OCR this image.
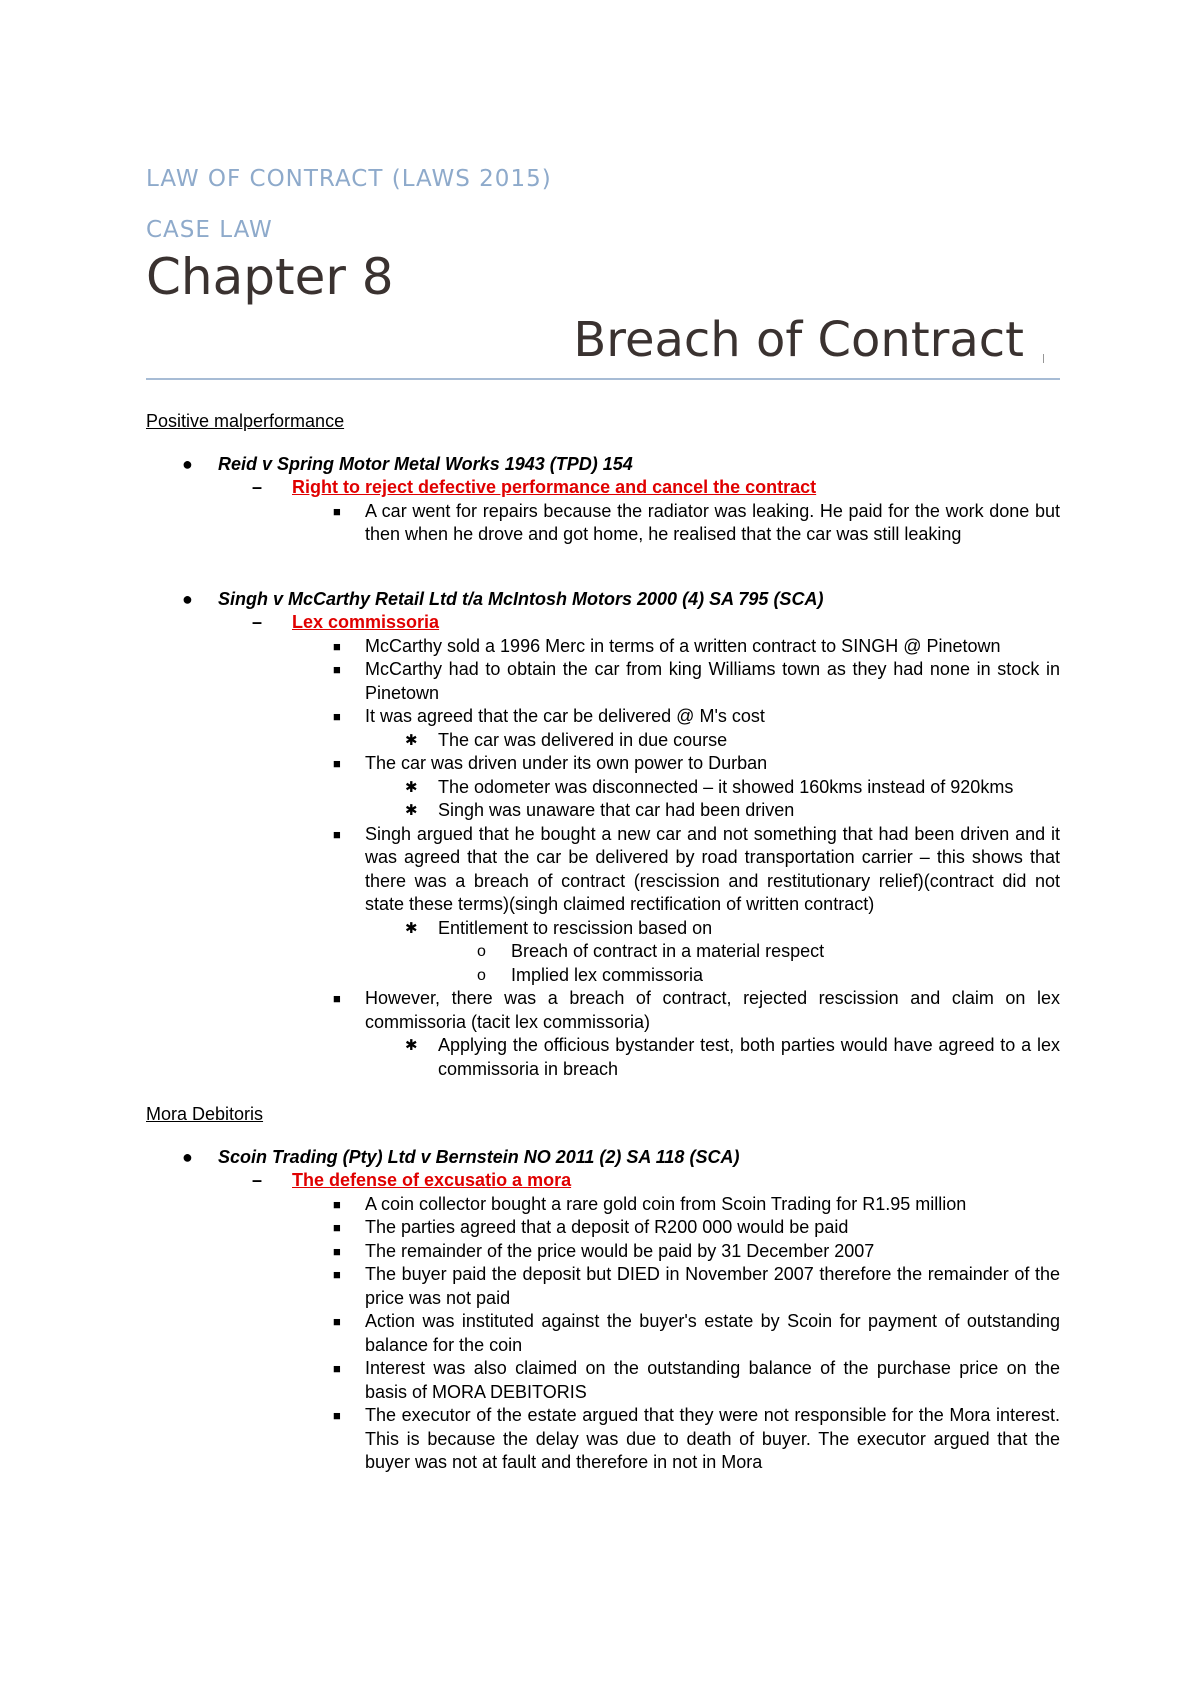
LAW OF CONTRACT (LAWS 2015)
CASE LAW
Chapter 8
Breach of Contract |

Positive malperformance

● Reid v Spring Motor Metal Works 1943 (TPD) 154
– Right to reject defective performance and cancel the contract
■ A car went for repairs because the radiator was leaking. He paid for the work done but then when he drove and got home, he realised that the car was still leaking
● Singh v McCarthy Retail Ltd t/a McIntosh Motors 2000 (4) SA 795 (SCA)
– Lex commissoria
■ McCarthy sold a 1996 Merc in terms of a written contract to SINGH @ Pinetown
■ McCarthy had to obtain the car from king Williams town as they had none in stock in Pinetown
■ It was agreed that the car be delivered @ M's cost
✱ The car was delivered in due course
■ The car was driven under its own power to Durban
✱ The odometer was disconnected – it showed 160kms instead of 920kms
✱ Singh was unaware that car had been driven
■ Singh argued that he bought a new car and not something that had been driven and it was agreed that the car be delivered by road transportation carrier – this shows that there was a breach of contract (rescission and restitutionary relief)(contract did not state these terms)(singh claimed rectification of written contract)
✱ Entitlement to rescission based on
o Breach of contract in a material respect
o Implied lex commissoria
■ However, there was a breach of contract, rejected rescission and claim on lex commissoria (tacit lex commissoria)
✱ Applying the officious bystander test, both parties would have agreed to a lex commissoria in breach

Mora Debitoris

● Scoin Trading (Pty) Ltd v Bernstein NO 2011 (2) SA 118 (SCA)
– The defense of excusatio a mora
■ A coin collector bought a rare gold coin from Scoin Trading for R1.95 million
■ The parties agreed that a deposit of R200 000 would be paid
■ The remainder of the price would be paid by 31 December 2007
■ The buyer paid the deposit but DIED in November 2007 therefore the remainder of the price was not paid
■ Action was instituted against the buyer's estate by Scoin for payment of outstanding balance for the coin
■ Interest was also claimed on the outstanding balance of the purchase price on the basis of MORA DEBITORIS
■ The executor of the estate argued that they were not responsible for the Mora interest. This is because the delay was due to death of buyer. The executor argued that the buyer was not at fault and therefore in not in Mora
